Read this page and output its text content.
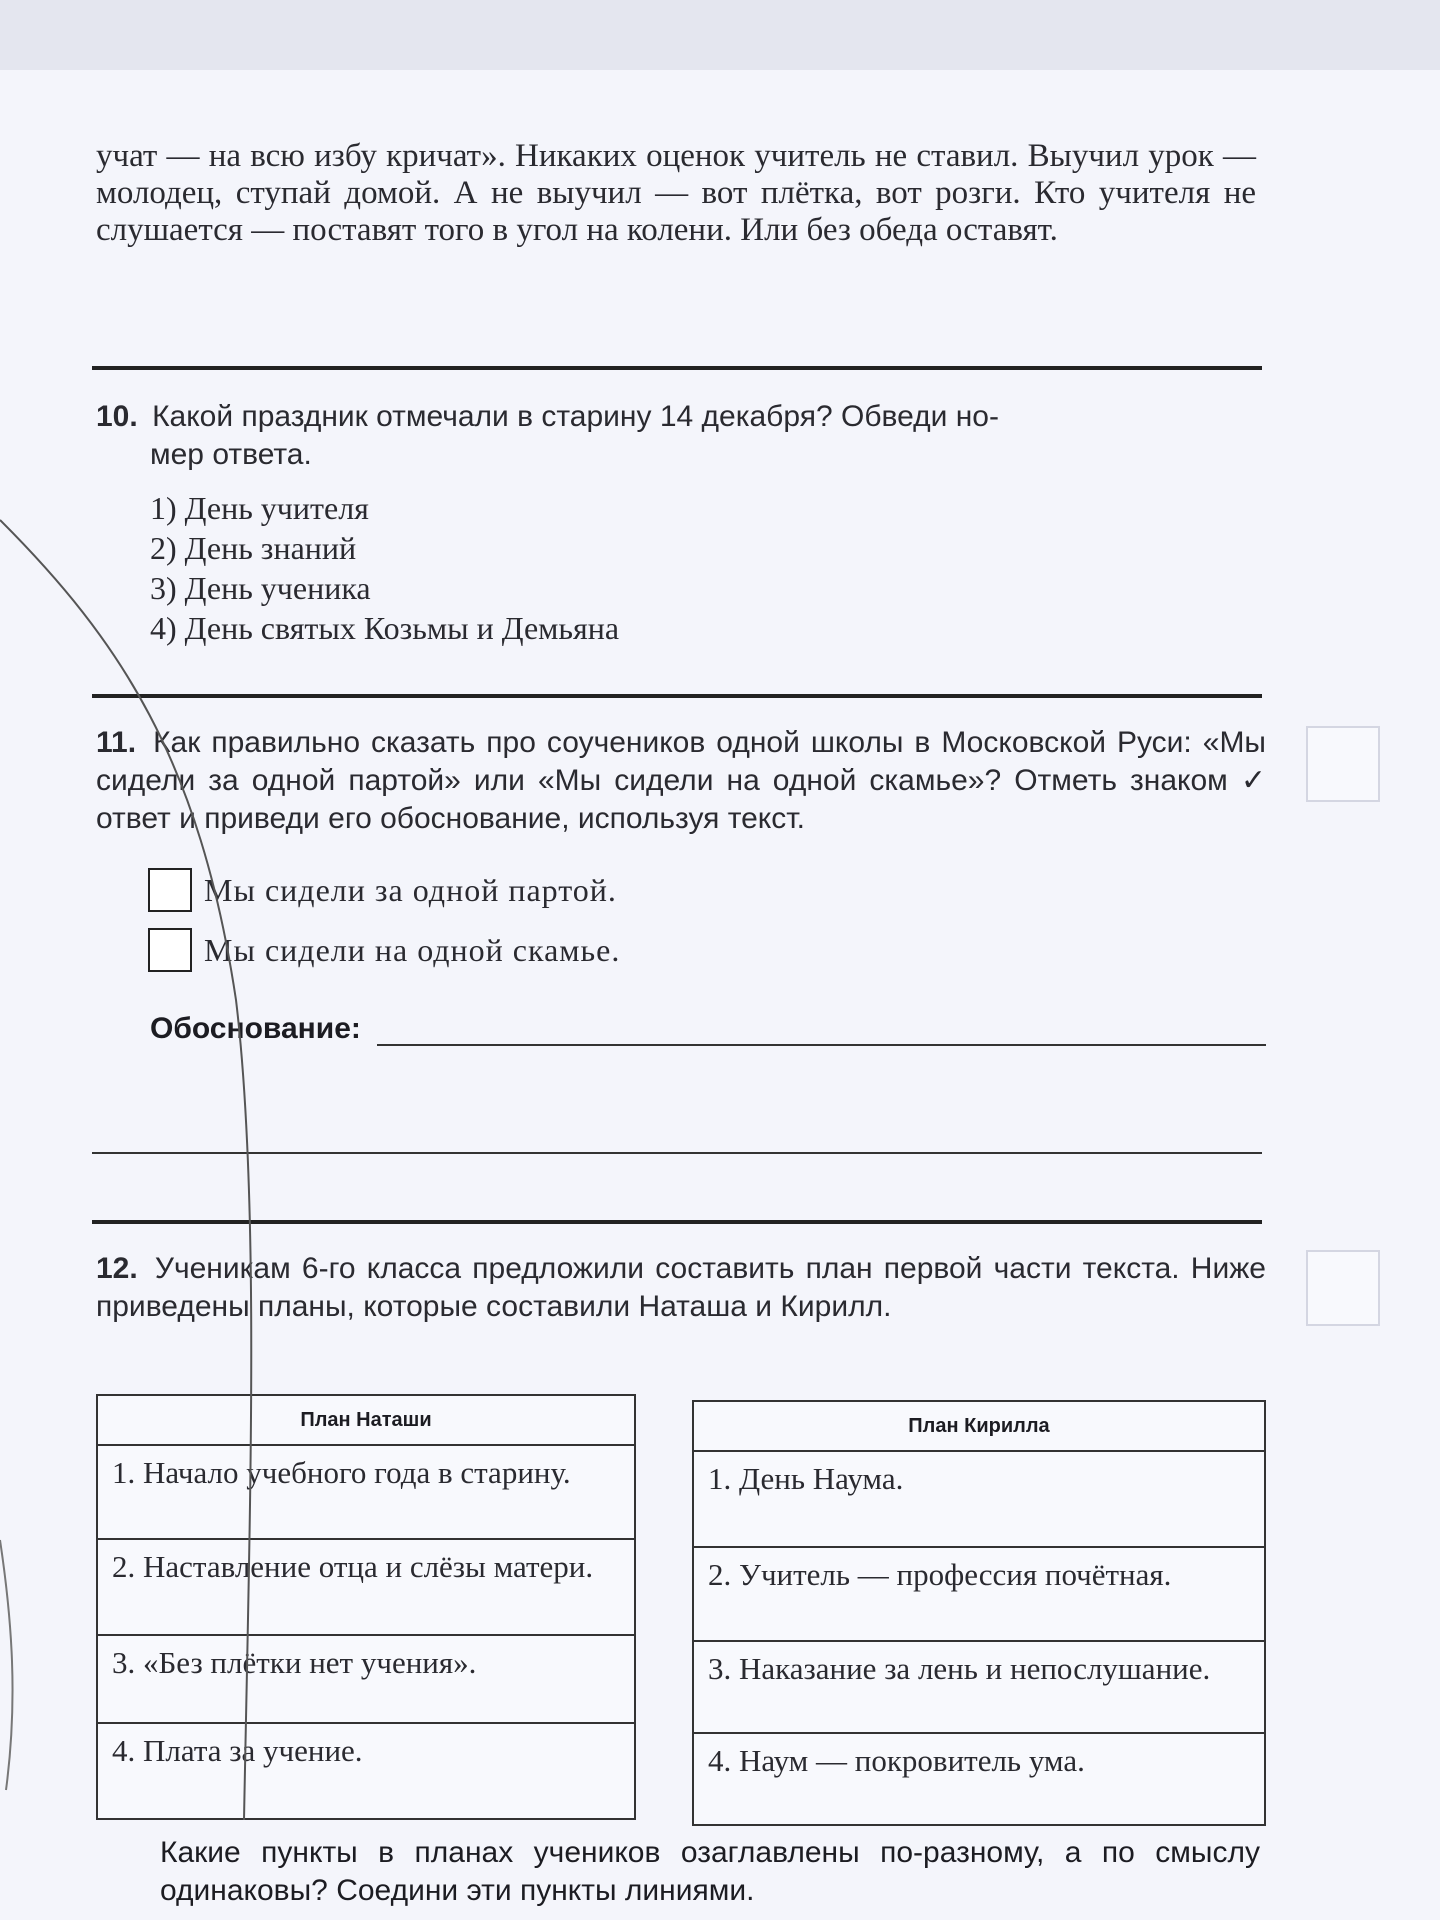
учат — на всю избу кричат». Никаких оценок учитель не ставил. Выучил урок — молодец, ступай домой. А не выучил — вот плётка, вот розги. Кто учителя не слушается — поставят того в угол на колени. Или без обеда оставят.
10. Какой праздник отмечали в старину 14 декабря? Обведи но-
мер ответа.
1) День учителя
2) День знаний
3) День ученика
4) День святых Козьмы и Демьяна
11. Как правильно сказать про соучеников одной школы в Московской Руси: «Мы сидели за одной партой» или «Мы сидели на одной скамье»? Отметь знаком ✓ ответ и приведи его обоснование, используя текст.
Мы сидели за одной партой.
Мы сидели на одной скамье.
Обоснование:
12. Ученикам 6-го класса предложили составить план первой части текста. Ниже приведены планы, которые составили Наташа и Кирилл.
План Наташи
1. Начало учебного года в старину.
2. Наставление отца и слёзы матери.
3. «Без плётки нет учения».
4. Плата за учение.
План Кирилла
1. День Наума.
2. Учитель — профессия почётная.
3. Наказание за лень и непослушание.
4. Наум — покровитель ума.
Какие пункты в планах учеников озаглавлены по-разному, а по смыслу одинаковы? Соедини эти пункты линиями.
